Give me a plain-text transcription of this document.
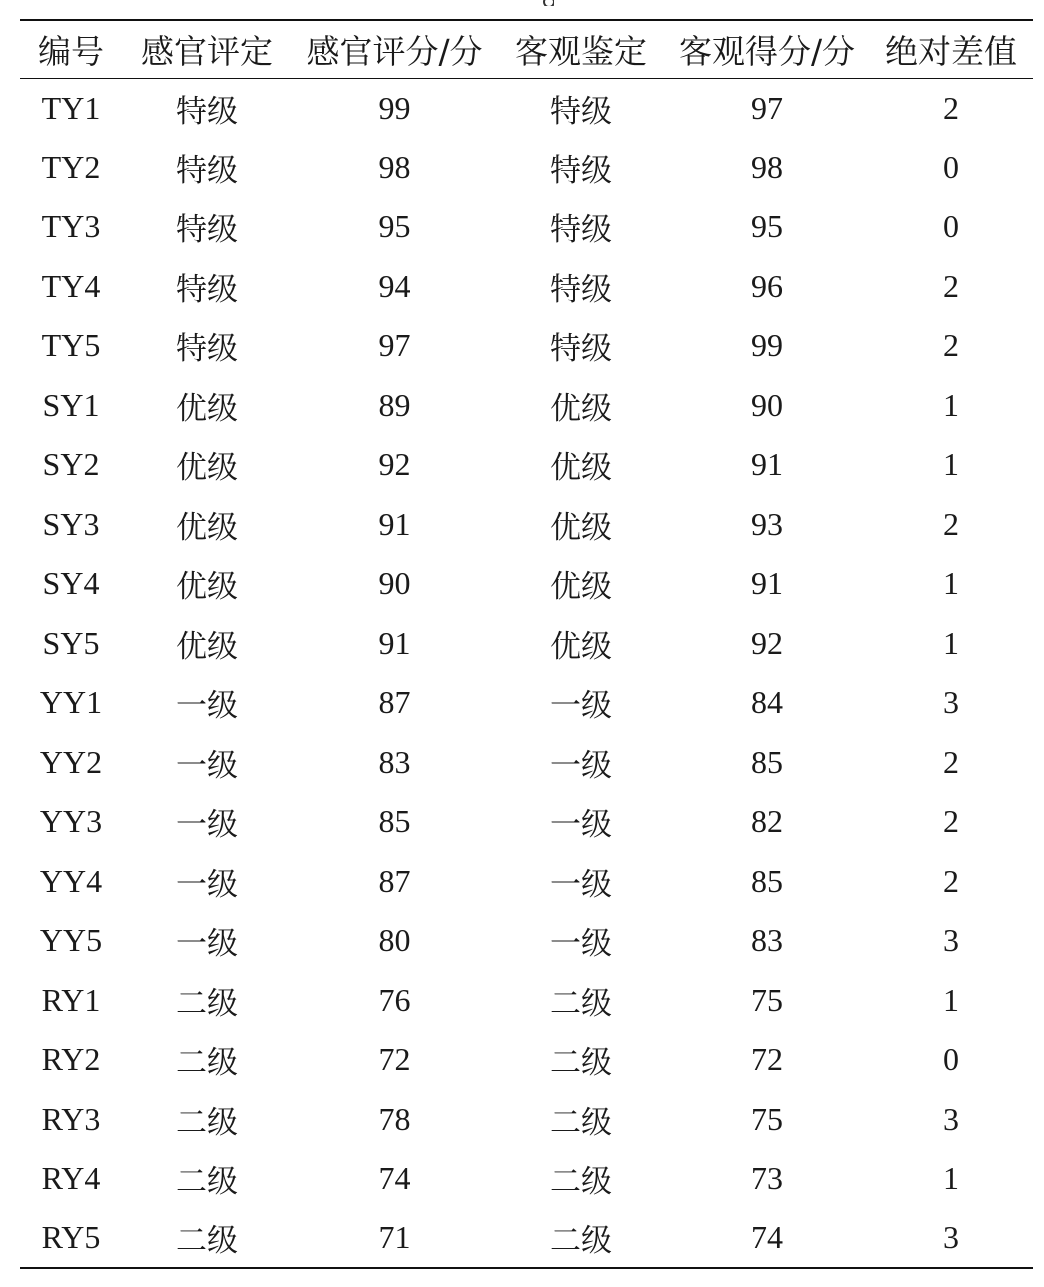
编号	感官评定	感官评分/分	客观鉴定	客观得分/分	绝对差值
TY1	特级	99	特级	97	2
TY2	特级	98	特级	98	0
TY3	特级	95	特级	95	0
TY4	特级	94	特级	96	2
TY5	特级	97	特级	99	2
SY1	优级	89	优级	90	1
SY2	优级	92	优级	91	1
SY3	优级	91	优级	93	2
SY4	优级	90	优级	91	1
SY5	优级	91	优级	92	1
YY1	一级	87	一级	84	3
YY2	一级	83	一级	85	2
YY3	一级	85	一级	82	2
YY4	一级	87	一级	85	2
YY5	一级	80	一级	83	3
RY1	二级	76	二级	75	1
RY2	二级	72	二级	72	0
RY3	二级	78	二级	75	3
RY4	二级	74	二级	73	1
RY5	二级	71	二级	74	3
